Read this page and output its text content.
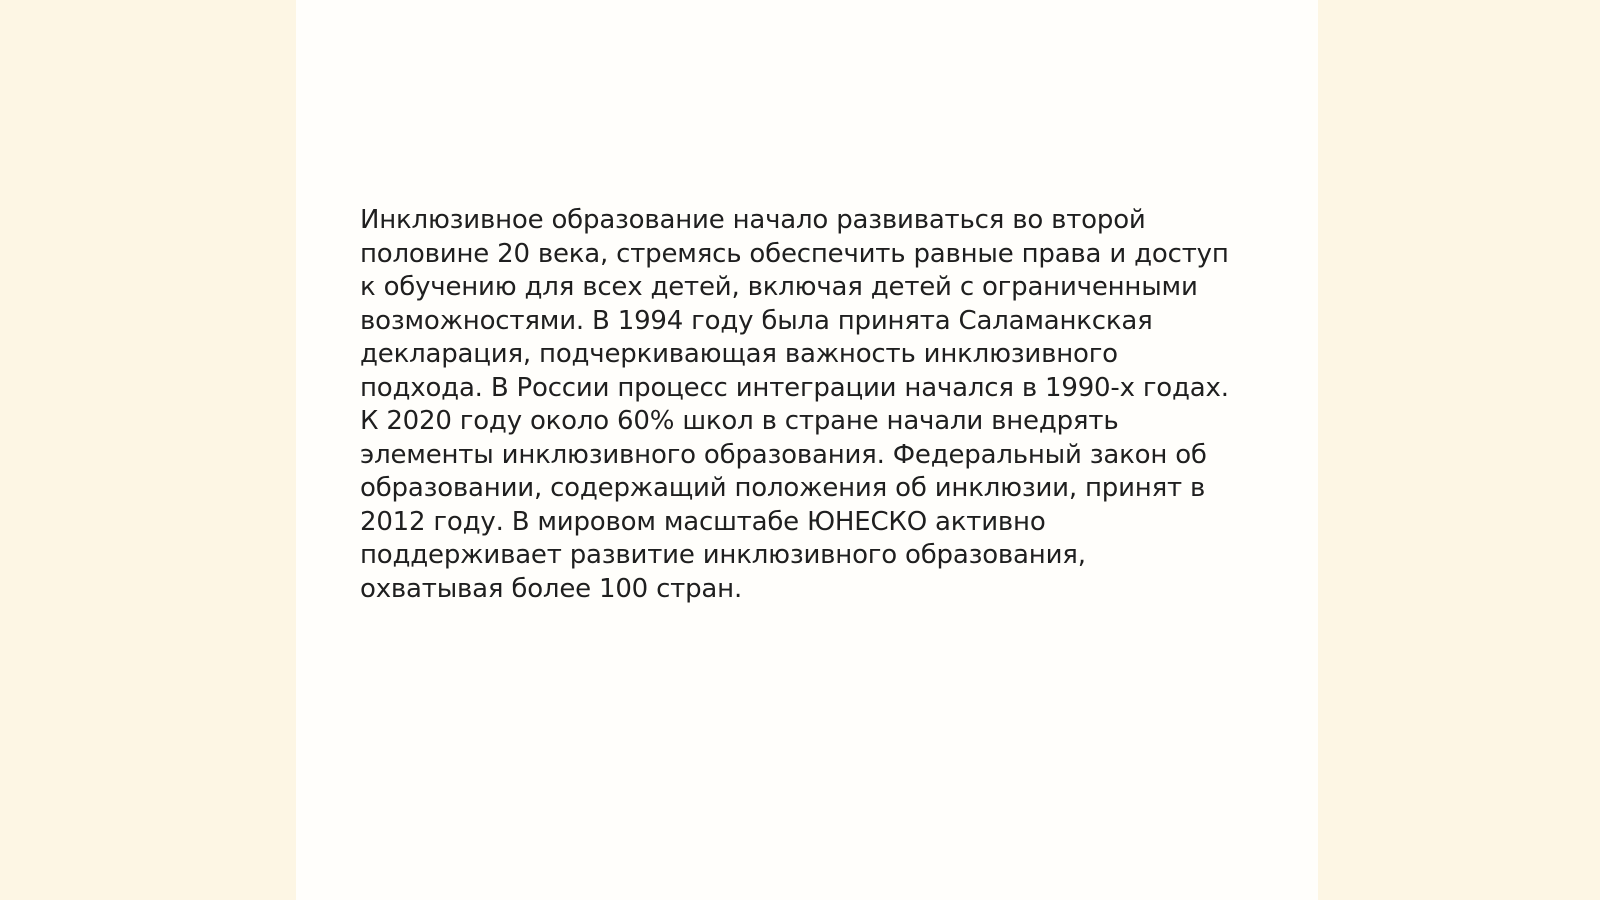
Инклюзивное образование начало развиваться во второй
половине 20 века, стремясь обеспечить равные права и доступ
к обучению для всех детей, включая детей с ограниченными
возможностями. В 1994 году была принята Саламанкская
декларация, подчеркивающая важность инклюзивного
подхода. В России процесс интеграции начался в 1990-х годах.
К 2020 году около 60% школ в стране начали внедрять
элементы инклюзивного образования. Федеральный закон об
образовании, содержащий положения об инклюзии, принят в
2012 году. В мировом масштабе ЮНЕСКО активно
поддерживает развитие инклюзивного образования,
охватывая более 100 стран.
